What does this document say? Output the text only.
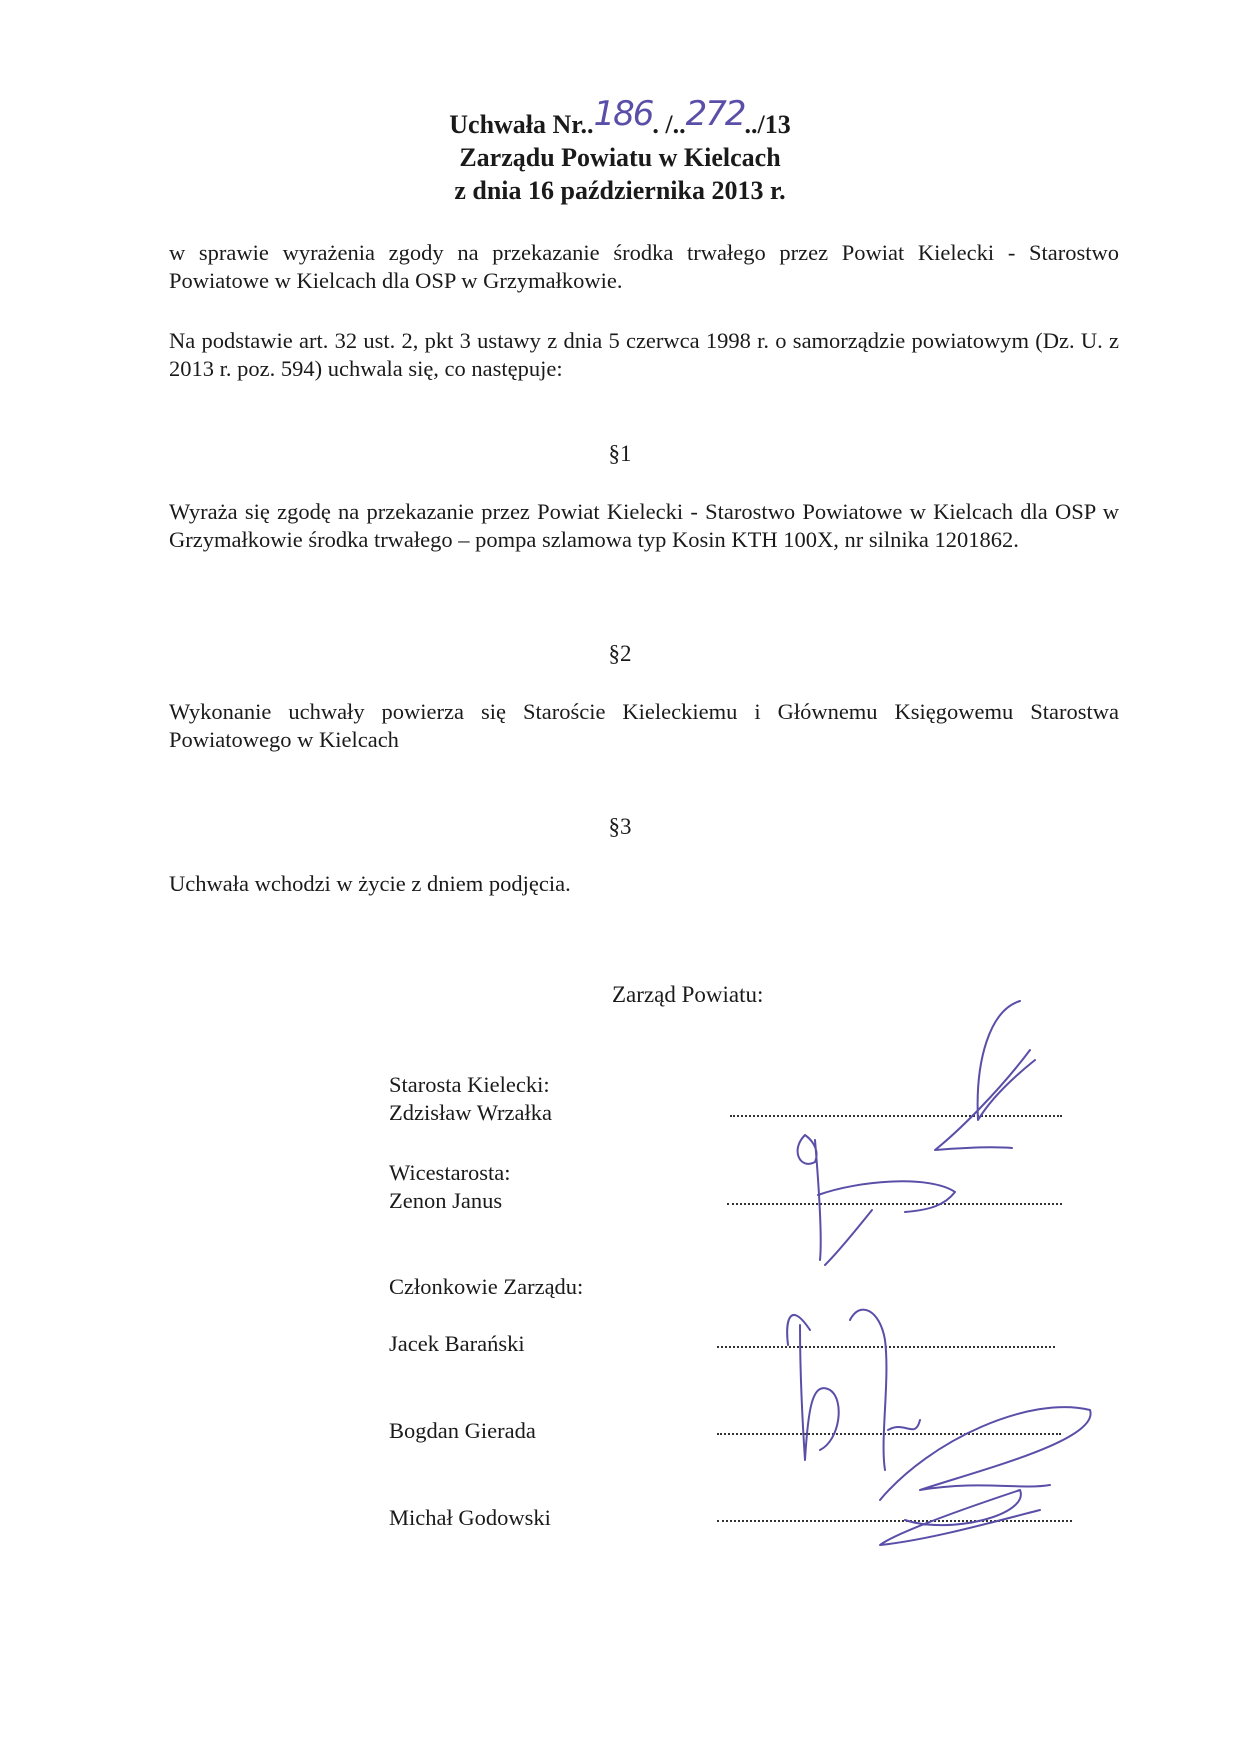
Uchwała Nr..186. /..272../13
Zarządu Powiatu w Kielcach
z dnia 16 października 2013 r.
w sprawie wyrażenia zgody na przekazanie środka trwałego przez Powiat Kielecki - Starostwo Powiatowe w Kielcach dla OSP w Grzymałkowie.
Na podstawie art. 32 ust. 2, pkt 3 ustawy z dnia 5 czerwca 1998 r. o samorządzie powiatowym (Dz. U. z 2013 r. poz. 594) uchwala się, co następuje:
§1
Wyraża się zgodę na przekazanie przez Powiat Kielecki - Starostwo Powiatowe w Kielcach dla OSP w Grzymałkowie środka trwałego – pompa szlamowa typ Kosin KTH 100X, nr silnika 1201862.
§2
Wykonanie uchwały powierza się Staroście Kieleckiemu i Głównemu Księgowemu Starostwa Powiatowego w Kielcach
§3
Uchwała wchodzi w życie z dniem podjęcia.
Zarząd Powiatu:
Starosta Kielecki:
Zdzisław Wrzałka
Wicestarosta:
Zenon Janus
Członkowie Zarządu:
Jacek Barański
Bogdan Gierada
Michał Godowski
